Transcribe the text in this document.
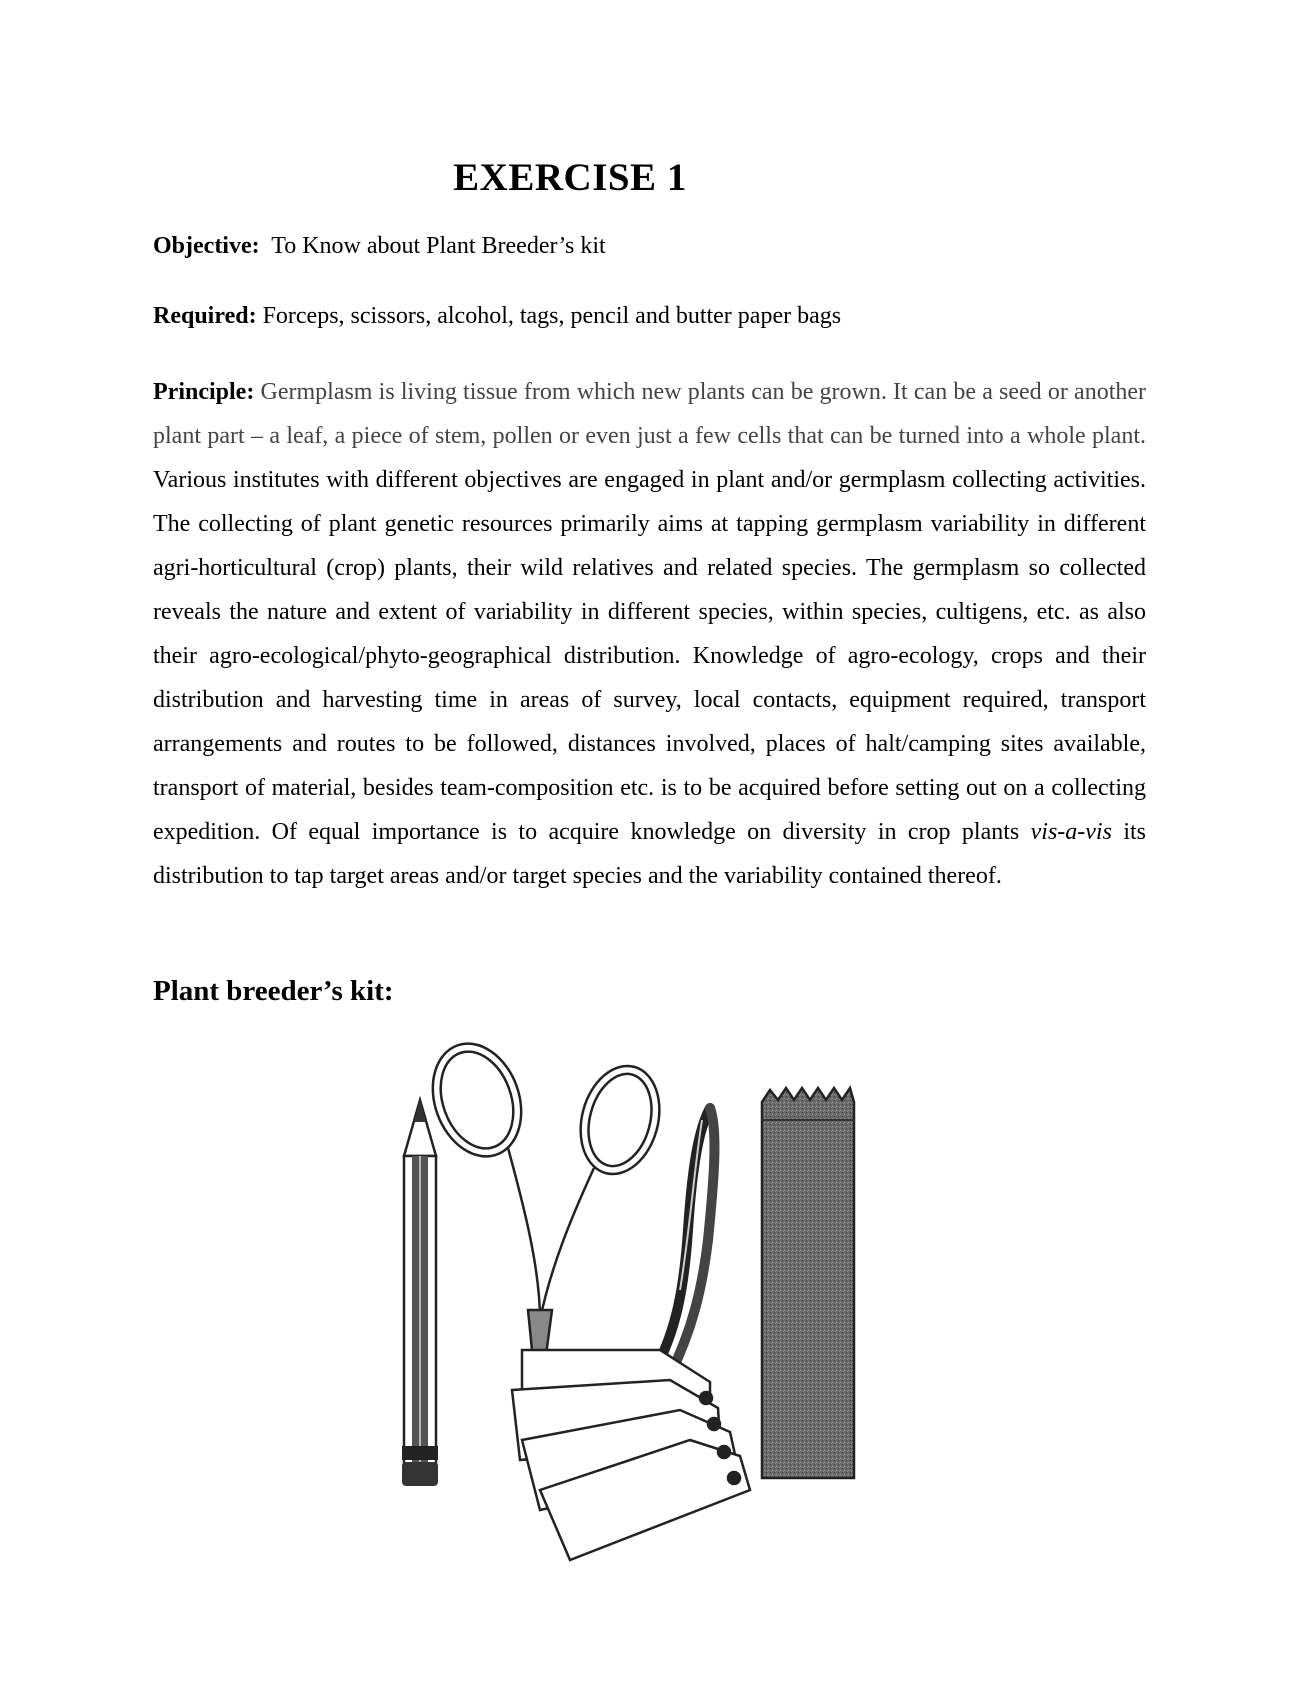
EXERCISE 1
Objective: To Know about Plant Breeder’s kit
Required: Forceps, scissors, alcohol, tags, pencil and butter paper bags
Principle: Germplasm is living tissue from which new plants can be grown. It can be a seed or another plant part – a leaf, a piece of stem, pollen or even just a few cells that can be turned into a whole plant. Various institutes with different objectives are engaged in plant and/or germplasm collecting activities. The collecting of plant genetic resources primarily aims at tapping germplasm variability in different agri-horticultural (crop) plants, their wild relatives and related species. The germplasm so collected reveals the nature and extent of variability in different species, within species, cultigens, etc. as also their agro-ecological/phyto-geographical distribution. Knowledge of agro-ecology, crops and their distribution and harvesting time in areas of survey, local contacts, equipment required, transport arrangements and routes to be followed, distances involved, places of halt/camping sites available, transport of material, besides team-composition etc. is to be acquired before setting out on a collecting expedition. Of equal importance is to acquire knowledge on diversity in crop plants vis-a-vis its distribution to tap target areas and/or target species and the variability contained thereof.
Plant breeder’s kit:
